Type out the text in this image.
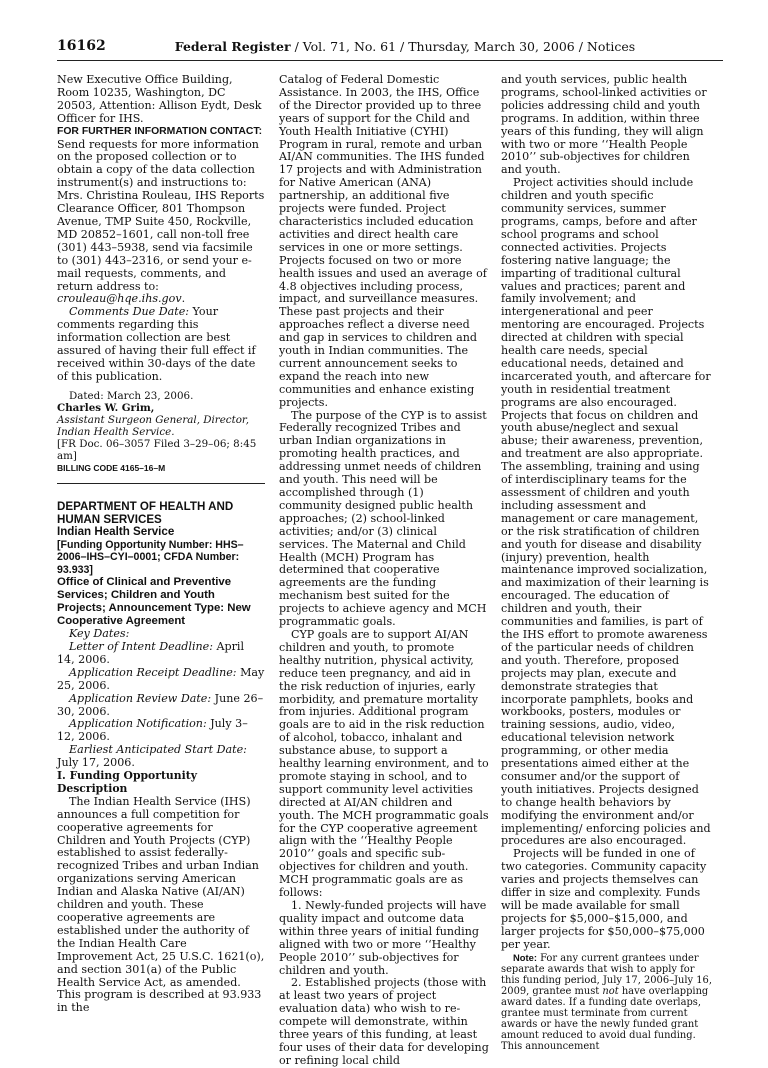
16162	Federal Register / Vol. 71, No. 61 / Thursday, March 30, 2006 / Notices

New Executive Office Building, Room 10235, Washington, DC 20503, Attention: Allison Eydt, Desk Officer for IHS.

FOR FURTHER INFORMATION CONTACT:

Send requests for more information on the proposed collection or to obtain a copy of the data collection instrument(s) and instructions to: Mrs. Christina Rouleau, IHS Reports Clearance Officer, 801 Thompson Avenue, TMP Suite 450, Rockville, MD 20852–1601, call non-toll free (301) 443–5938, send via facsimile to (301) 443–2316, or send your e-mail requests, comments, and return address to: crouleau@hqe.ihs.gov.

Comments Due Date: Your comments regarding this information collection are best assured of having their full effect if received within 30-days of the date of this publication.

Dated: March 23, 2006.

Charles W. Grim,

Assistant Surgeon General, Director, Indian Health Service.

[FR Doc. 06–3057 Filed 3–29–06; 8:45 am]

BILLING CODE 4165–16–M

DEPARTMENT OF HEALTH AND HUMAN SERVICES

Indian Health Service

[Funding Opportunity Number: HHS–2006–IHS–CYI–0001; CFDA Number: 93.933]

Office of Clinical and Preventive Services; Children and Youth Projects; Announcement Type: New Cooperative Agreement

Key Dates:

Letter of Intent Deadline: April 14, 2006.

Application Receipt Deadline: May 25, 2006.

Application Review Date: June 26–30, 2006.

Application Notification: July 3–12, 2006.

Earliest Anticipated Start Date: July 17, 2006.

I. Funding Opportunity Description

The Indian Health Service (IHS) announces a full competition for cooperative agreements for Children and Youth Projects (CYP) established to assist federally-recognized Tribes and urban Indian organizations serving American Indian and Alaska Native (AI/AN) children and youth. These cooperative agreements are established under the authority of the Indian Health Care Improvement Act, 25 U.S.C. 1621(o), and section 301(a) of the Public Health Service Act, as amended. This program is described at 93.933 in the

Catalog of Federal Domestic Assistance. In 2003, the IHS, Office of the Director provided up to three years of support for the Child and Youth Health Initiative (CYHI) Program in rural, remote and urban AI/AN communities. The IHS funded 17 projects and with Administration for Native American (ANA) partnership, an additional five projects were funded. Project characteristics included education activities and direct health care services in one or more settings. Projects focused on two or more health issues and used an average of 4.8 objectives including process, impact, and surveillance measures. These past projects and their approaches reflect a diverse need and gap in services to children and youth in Indian communities. The current announcement seeks to expand the reach into new communities and enhance existing projects.

The purpose of the CYP is to assist Federally recognized Tribes and urban Indian organizations in promoting health practices, and addressing unmet needs of children and youth. This need will be accomplished through (1) community designed public health approaches; (2) school-linked activities; and/or (3) clinical services. The Maternal and Child Health (MCH) Program has determined that cooperative agreements are the funding mechanism best suited for the projects to achieve agency and MCH programmatic goals.

CYP goals are to support AI/AN children and youth, to promote healthy nutrition, physical activity, reduce teen pregnancy, and aid in the risk reduction of injuries, early morbidity, and premature mortality from injuries. Additional program goals are to aid in the risk reduction of alcohol, tobacco, inhalant and substance abuse, to support a healthy learning environment, and to promote staying in school, and to support community level activities directed at AI/AN children and youth. The MCH programmatic goals for the CYP cooperative agreement align with the ‘‘Healthy People 2010’’ goals and specific sub-objectives for children and youth. MCH programmatic goals are as follows:

1. Newly-funded projects will have quality impact and outcome data within three years of initial funding aligned with two or more ‘‘Healthy People 2010’’ sub-objectives for children and youth.

2. Established projects (those with at least two years of project evaluation data) who wish to re-compete will demonstrate, within three years of this funding, at least four uses of their data for developing or refining local child

and youth services, public health programs, school-linked activities or policies addressing child and youth programs. In addition, within three years of this funding, they will align with two or more ‘‘Health People 2010’’ sub-objectives for children and youth.

Project activities should include children and youth specific community services, summer programs, camps, before and after school programs and school connected activities. Projects fostering native language; the imparting of traditional cultural values and practices; parent and family involvement; and intergenerational and peer mentoring are encouraged. Projects directed at children with special health care needs, special educational needs, detained and incarcerated youth, and aftercare for youth in residential treatment programs are also encouraged. Projects that focus on children and youth abuse/neglect and sexual abuse; their awareness, prevention, and treatment are also appropriate. The assembling, training and using of interdisciplinary teams for the assessment of children and youth including assessment and management or care management, or the risk stratification of children and youth for disease and disability (injury) prevention, health maintenance improved socialization, and maximization of their learning is encouraged. The education of children and youth, their communities and families, is part of the IHS effort to promote awareness of the particular needs of children and youth. Therefore, proposed projects may plan, execute and demonstrate strategies that incorporate pamphlets, books and workbooks, posters, modules or training sessions, audio, video, educational television network programming, or other media presentations aimed either at the consumer and/or the support of youth initiatives. Projects designed to change health behaviors by modifying the environment and/or implementing/ enforcing policies and procedures are also encouraged.

Projects will be funded in one of two categories. Community capacity varies and projects themselves can differ in size and complexity. Funds will be made available for small projects for $5,000–$15,000, and larger projects for $50,000–$75,000 per year.

Note: For any current grantees under separate awards that wish to apply for this funding period, July 17, 2006–July 16, 2009, grantee must not have overlapping award dates. If a funding date overlaps, grantee must terminate from current awards or have the newly funded grant amount reduced to avoid dual funding. This announcement
